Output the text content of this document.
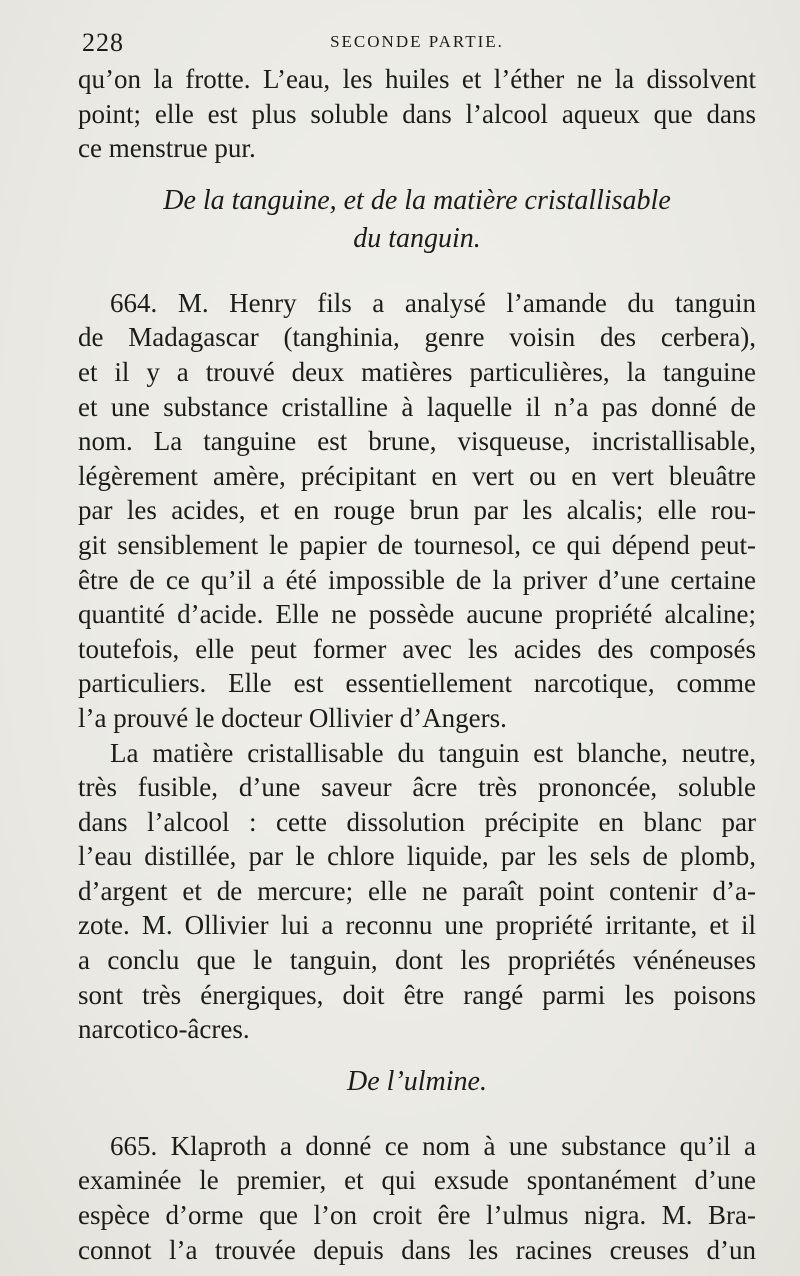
228	SECONDE PARTIE.
qu’on la frotte. L’eau, les huiles et l’éther ne la dissolvent
point; elle est plus soluble dans l’alcool aqueux que dans
ce menstrue pur.
De la tanguine, et de la matière cristallisable
du tanguin.
664. M. Henry fils a analysé l’amande du tanguin
de Madagascar (tanghinia, genre voisin des cerbera),
et il y a trouvé deux matières particulières, la tanguine
et une substance cristalline à laquelle il n’a pas donné de
nom. La tanguine est brune, visqueuse, incristallisable,
légèrement amère, précipitant en vert ou en vert bleuâtre
par les acides, et en rouge brun par les alcalis; elle rou-
git sensiblement le papier de tournesol, ce qui dépend peut-
être de ce qu’il a été impossible de la priver d’une certaine
quantité d’acide. Elle ne possède aucune propriété alcaline;
toutefois, elle peut former avec les acides des composés
particuliers. Elle est essentiellement narcotique, comme
l’a prouvé le docteur Ollivier d’Angers.
La matière cristallisable du tanguin est blanche, neutre,
très fusible, d’une saveur âcre très prononcée, soluble
dans l’alcool : cette dissolution précipite en blanc par
l’eau distillée, par le chlore liquide, par les sels de plomb,
d’argent et de mercure; elle ne paraît point contenir d’a-
zote. M. Ollivier lui a reconnu une propriété irritante, et il
a conclu que le tanguin, dont les propriétés vénéneuses
sont très énergiques, doit être rangé parmi les poisons
narcotico-âcres.
De l’ulmine.
665. Klaproth a donné ce nom à une substance qu’il a
examinée le premier, et qui exsude spontanément d’une
espèce d’orme que l’on croit êre l’ulmus nigra. M. Bra-
connot l’a trouvée depuis dans les racines creuses d’un
